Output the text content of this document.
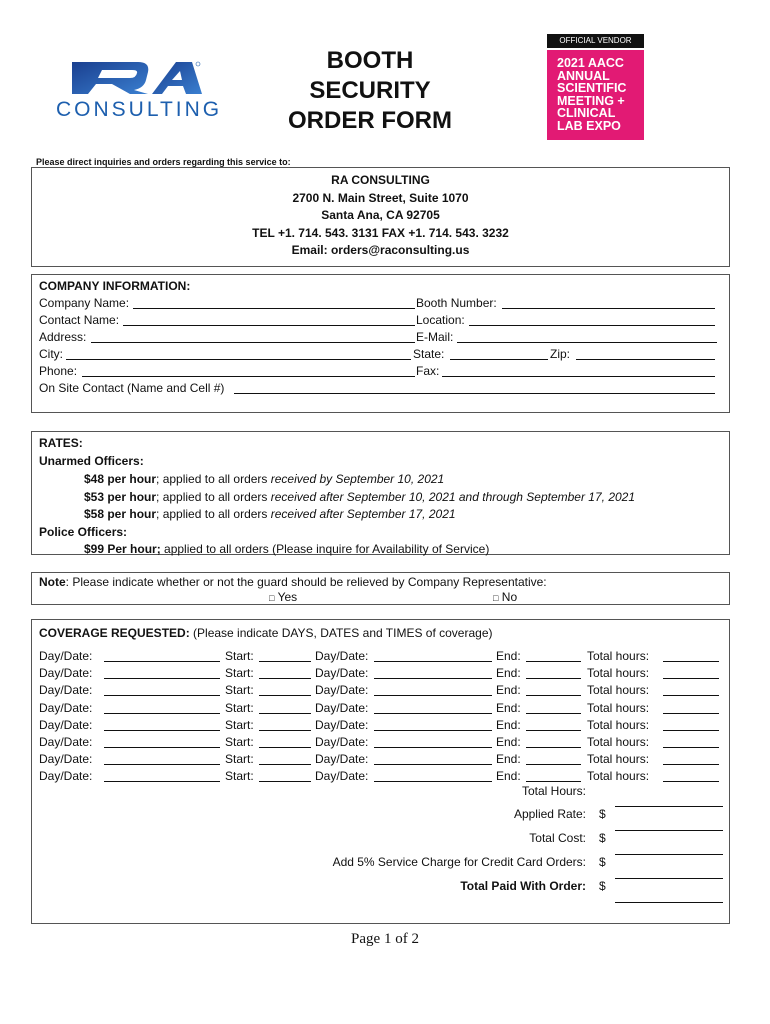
CONSULTING
BOOTH
SECURITY
ORDER FORM
OFFICIAL VENDOR
2021 AACC
ANNUAL
SCIENTIFIC
MEETING +
CLINICAL
LAB EXPO
Please direct inquiries and orders regarding this service to:
RA CONSULTING
2700 N. Main Street, Suite 1070
Santa Ana, CA 92705
TEL +1. 714. 543. 3131 FAX +1. 714. 543. 3232
Email: orders@raconsulting.us
COMPANY INFORMATION:
Company Name:	Booth Number:
Contact Name:	Location:
Address:	E-Mail:
City:	State:	Zip:
Phone:	Fax:
On Site Contact (Name and Cell #)
RATES:
Unarmed Officers:
$48 per hour; applied to all orders received by September 10, 2021
$53 per hour; applied to all orders received after September 10, 2021 and through September 17, 2021
$58 per hour; applied to all orders received after September 17, 2021
Police Officers:
$99 Per hour; applied to all orders (Please inquire for Availability of Service)
Note: Please indicate whether or not the guard should be relieved by Company Representative:
□ Yes	□ No
COVERAGE REQUESTED: (Please indicate DAYS, DATES and TIMES of coverage)
Day/Date:	Start:	Day/Date:	End:	Total hours:
Day/Date:	Start:	Day/Date:	End:	Total hours:
Day/Date:	Start:	Day/Date:	End:	Total hours:
Day/Date:	Start:	Day/Date:	End:	Total hours:
Day/Date:	Start:	Day/Date:	End:	Total hours:
Day/Date:	Start:	Day/Date:	End:	Total hours:
Day/Date:	Start:	Day/Date:	End:	Total hours:
Day/Date:	Start:	Day/Date:	End:	Total hours:
Total Hours:
Applied Rate: $
Total Cost: $
Add 5% Service Charge for Credit Card Orders: $
Total Paid With Order: $
Page 1 of 2
